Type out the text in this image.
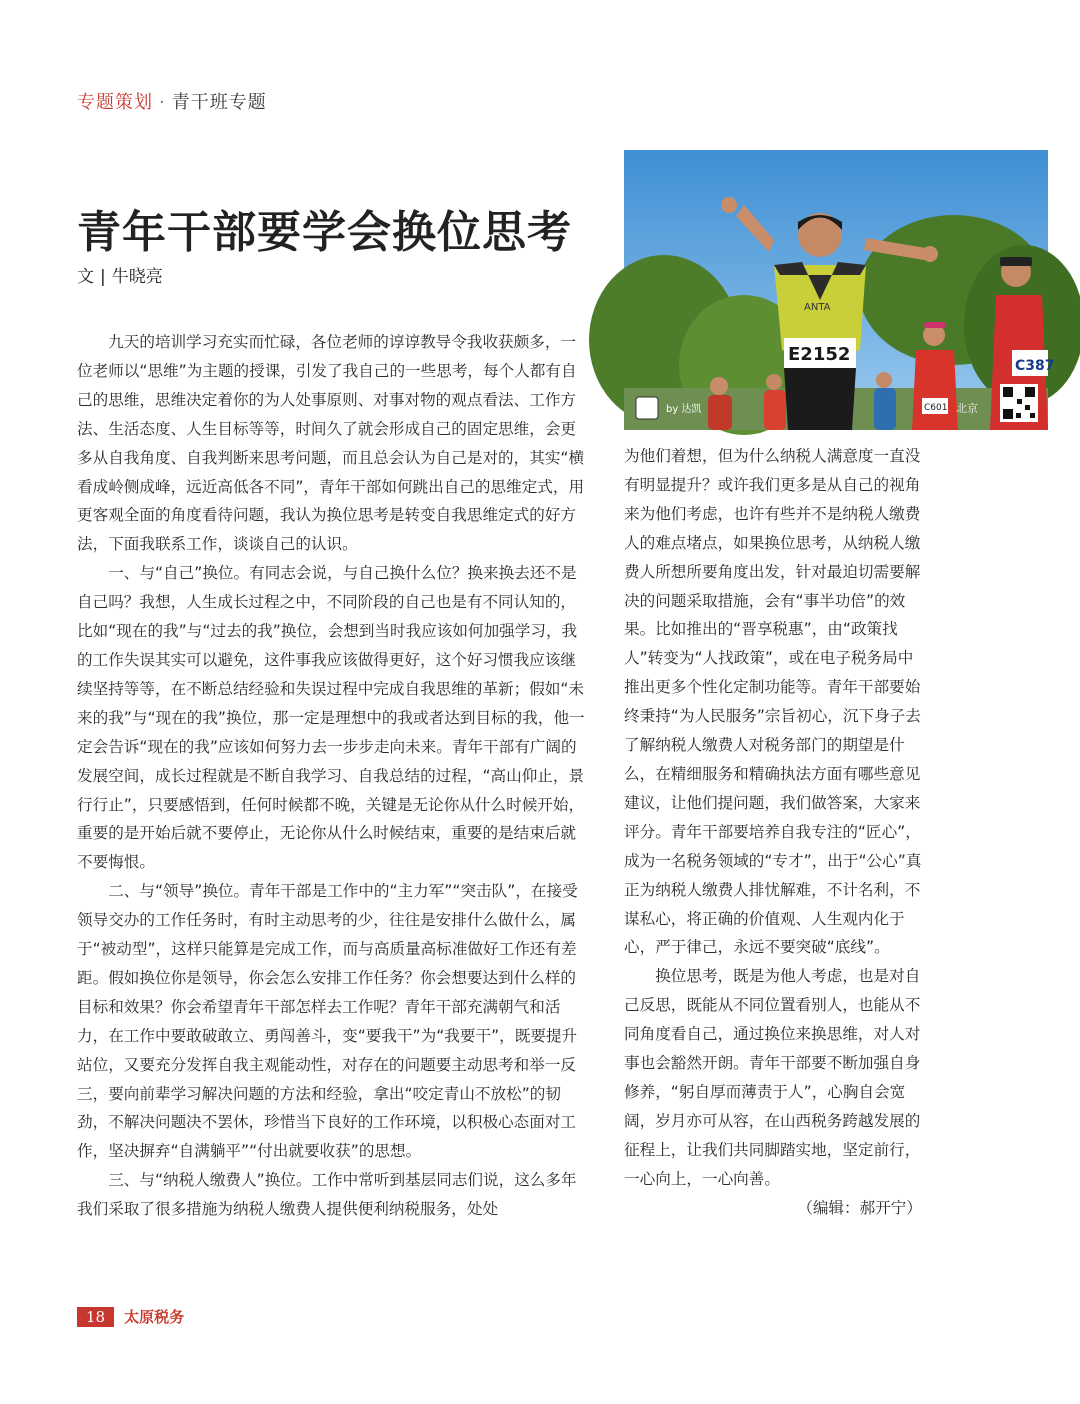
专题策划 · 青干班专题
青年干部要学会换位思考
文 | 牛晓亮

九天的培训学习充实而忙碌，各位老师的谆谆教导令我收获颇多，一位老师以“思维”为主题的授课，引发了我自己的一些思考，每个人都有自己的思维，思维决定着你的为人处事原则、对事对物的观点看法、工作方法、生活态度、人生目标等等，时间久了就会形成自己的固定思维，会更多从自我角度、自我判断来思考问题，而且总会认为自己是对的，其实“横看成岭侧成峰，远近高低各不同”，青年干部如何跳出自己的思维定式，用更客观全面的角度看待问题，我认为换位思考是转变自我思维定式的好方法，下面我联系工作，谈谈自己的认识。

一、与“自己”换位。有同志会说，与自己换什么位？换来换去还不是自己吗？我想，人生成长过程之中，不同阶段的自己也是有不同认知的，比如“现在的我”与“过去的我”换位，会想到当时我应该如何加强学习，我的工作失误其实可以避免，这件事我应该做得更好，这个好习惯我应该继续坚持等等，在不断总结经验和失误过程中完成自我思维的革新；假如“未来的我”与“现在的我”换位，那一定是理想中的我或者达到目标的我，他一定会告诉“现在的我”应该如何努力去一步步走向未来。青年干部有广阔的发展空间，成长过程就是不断自我学习、自我总结的过程，“高山仰止，景行行止”，只要感悟到，任何时候都不晚，关键是无论你从什么时候开始，重要的是开始后就不要停止，无论你从什么时候结束，重要的是结束后就不要悔恨。

二、与“领导”换位。青年干部是工作中的“主力军”“突击队”，在接受领导交办的工作任务时，有时主动思考的少，往往是安排什么做什么，属于“被动型”，这样只能算是完成工作，而与高质量高标准做好工作还有差距。假如换位你是领导，你会怎么安排工作任务？你会想要达到什么样的目标和效果？你会希望青年干部怎样去工作呢？青年干部充满朝气和活力，在工作中要敢破敢立、勇闯善斗，变“要我干”为“我要干”，既要提升站位，又要充分发挥自我主观能动性，对存在的问题要主动思考和举一反三，要向前辈学习解决问题的方法和经验，拿出“咬定青山不放松”的韧劲，不解决问题决不罢休，珍惜当下良好的工作环境，以积极心态面对工作，坚决摒弃“自满躺平”“付出就要收获”的思想。

三、与“纳税人缴费人”换位。工作中常听到基层同志们说，这么多年我们采取了很多措施为纳税人缴费人提供便利纳税服务，处处

C601
C387
ANTA
E2152
by 达凯	北京

为他们着想，但为什么纳税人满意度一直没有明显提升？或许我们更多是从自己的视角来为他们考虑，也许有些并不是纳税人缴费人的难点堵点，如果换位思考，从纳税人缴费人所想所要角度出发，针对最迫切需要解决的问题采取措施，会有“事半功倍”的效果。比如推出的“晋享税惠”，由“政策找人”转变为“人找政策”，或在电子税务局中推出更多个性化定制功能等。青年干部要始终秉持“为人民服务”宗旨初心，沉下身子去了解纳税人缴费人对税务部门的期望是什么，在精细服务和精确执法方面有哪些意见建议，让他们提问题，我们做答案，大家来评分。青年干部要培养自我专注的“匠心”，成为一名税务领域的“专才”，出于“公心”真正为纳税人缴费人排忧解难，不计名利，不谋私心，将正确的价值观、人生观内化于心，严于律己，永远不要突破“底线”。

换位思考，既是为他人考虑，也是对自己反思，既能从不同位置看别人，也能从不同角度看自己，通过换位来换思维，对人对事也会豁然开朗。青年干部要不断加强自身修养，“躬自厚而薄责于人”，心胸自会宽阔，岁月亦可从容，在山西税务跨越发展的征程上，让我们共同脚踏实地，坚定前行，一心向上，一心向善。
（编辑：郝开宁）

18	太原税务
